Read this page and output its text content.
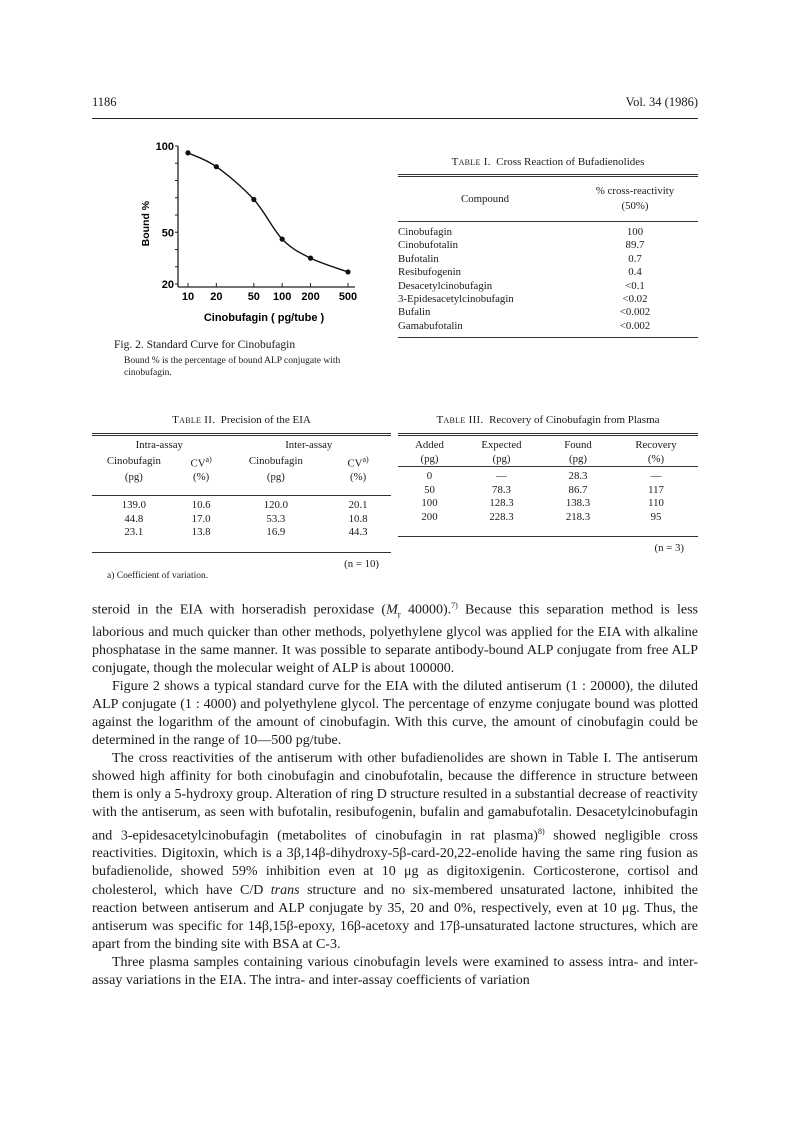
1186	Vol. 34 (1986)
20
50
100
10 20 50 100 200 500
Bound %
Cinobufagin ( pg/tube )
Fig. 2. Standard Curve for Cinobufagin
Bound % is the percentage of bound ALP conjugate with cinobufagin.
Table I. Cross Reaction of Bufadienolides
Compound	% cross-reactivity
(50%)
Cinobufagin	100
Cinobufotalin	89.7
Bufotalin	0.7
Resibufogenin	0.4
Desacetylcinobufagin	<0.1
3-Epidesacetylcinobufagin	<0.02
Bufalin	<0.002
Gamabufotalin	<0.002
Table II. Precision of the EIA
Intra-assay		Inter-assay	
Cinobufagin	CV$^{a)}$	Cinobufagin	CV$^{a)}$
(pg)	(%)	(pg)	(%)

139.0	10.6	120.0	20.1
44.8	17.0	53.3	10.8
23.1	13.8	16.9	44.3
(n = 10)
a) Coefficient of variation.
Table III. Recovery of Cinobufagin from Plasma
Added	Expected	Found	Recovery
(pg)	(pg)	(pg)	(%)
0	—	28.3	—
50	78.3	86.7	117
100	128.3	138.3	110
200	228.3	218.3	95
(n = 3)

steroid in the EIA with horseradish peroxidase ($M_r$ 40000).$^{7)}$ Because this separation method is less laborious and much quicker than other methods, polyethylene glycol was applied for the EIA with alkaline phosphatase in the same manner. It was possible to separate antibody-bound ALP conjugate from free ALP conjugate, though the molecular weight of ALP is about 100000.

Figure 2 shows a typical standard curve for the EIA with the diluted antiserum (1 : 20000), the diluted ALP conjugate (1 : 4000) and polyethylene glycol. The percentage of enzyme conjugate bound was plotted against the logarithm of the amount of cinobufagin. With this curve, the amount of cinobufagin could be determined in the range of 10—500 pg/tube.

The cross reactivities of the antiserum with other bufadienolides are shown in Table I. The antiserum showed high affinity for both cinobufagin and cinobufotalin, because the difference in structure between them is only a 5-hydroxy group. Alteration of ring D structure resulted in a substantial decrease of reactivity with the antiserum, as seen with bufotalin, resibufogenin, bufalin and gamabufotalin. Desacetylcinobufagin and 3-epidesacetylcinobufagin (metabolites of cinobufagin in rat plasma)$^{8)}$ showed negligible cross reactivities. Digitoxin, which is a 3β,14β-dihydroxy-5β-card-20,22-enolide having the same ring fusion as bufadienolide, showed 59% inhibition even at 10 μg as digitoxigenin. Corticosterone, cortisol and cholesterol, which have C/D trans structure and no six-membered unsaturated lactone, inhibited the reaction between antiserum and ALP conjugate by 35, 20 and 0%, respectively, even at 10 μg. Thus, the antiserum was specific for 14β,15β-epoxy, 16β-acetoxy and 17β-unsaturated lactone structures, which are apart from the binding site with BSA at C-3.

Three plasma samples containing various cinobufagin levels were examined to assess intra- and inter-assay variations in the EIA. The intra- and inter-assay coefficients of variation
